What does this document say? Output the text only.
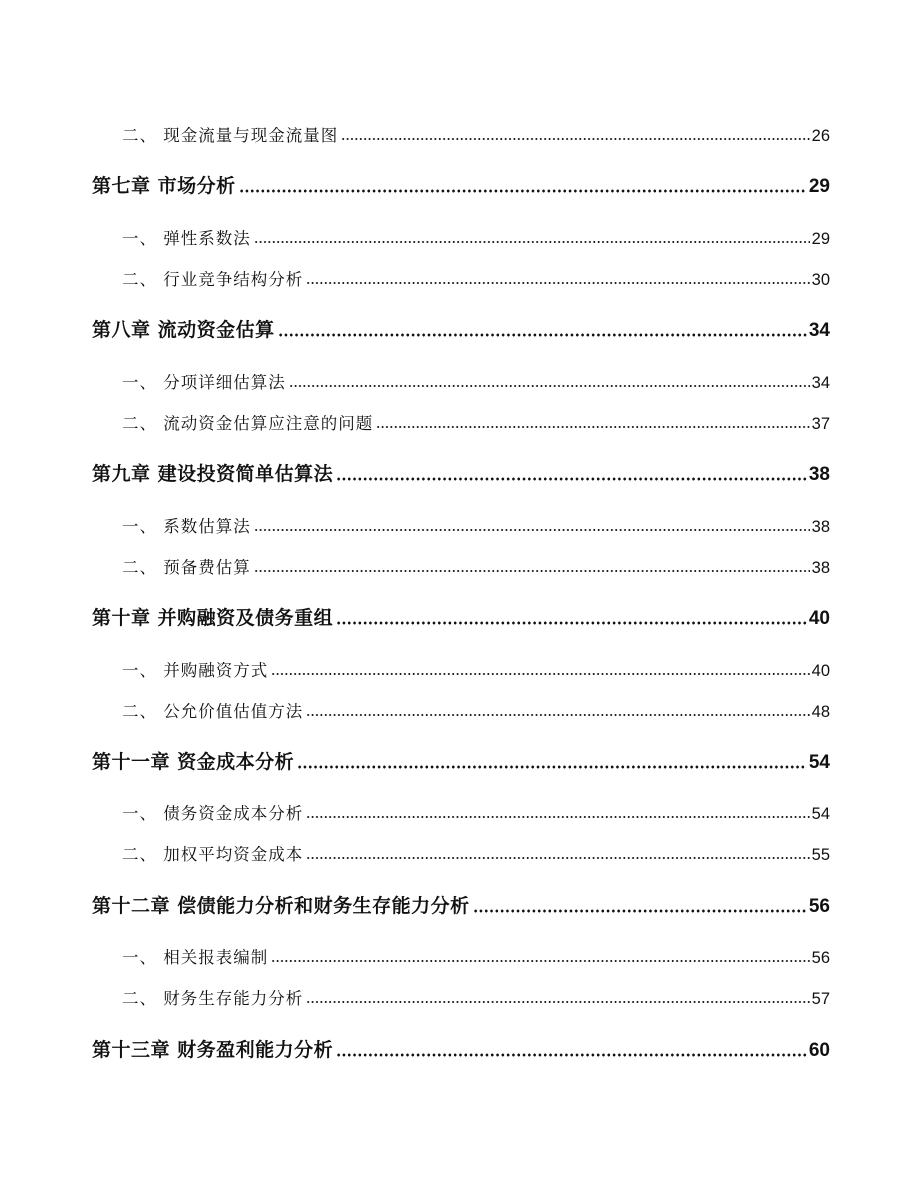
二、 现金流量与现金流量图	26
第七章 市场分析	29
一、 弹性系数法	29
二、 行业竞争结构分析	30
第八章 流动资金估算	34
一、 分项详细估算法	34
二、 流动资金估算应注意的问题	37
第九章 建设投资简单估算法	38
一、 系数估算法	38
二、 预备费估算	38
第十章 并购融资及债务重组	40
一、 并购融资方式	40
二、 公允价值估值方法	48
第十一章 资金成本分析	54
一、 债务资金成本分析	54
二、 加权平均资金成本	55
第十二章 偿债能力分析和财务生存能力分析	56
一、 相关报表编制	56
二、 财务生存能力分析	57
第十三章 财务盈利能力分析	60
